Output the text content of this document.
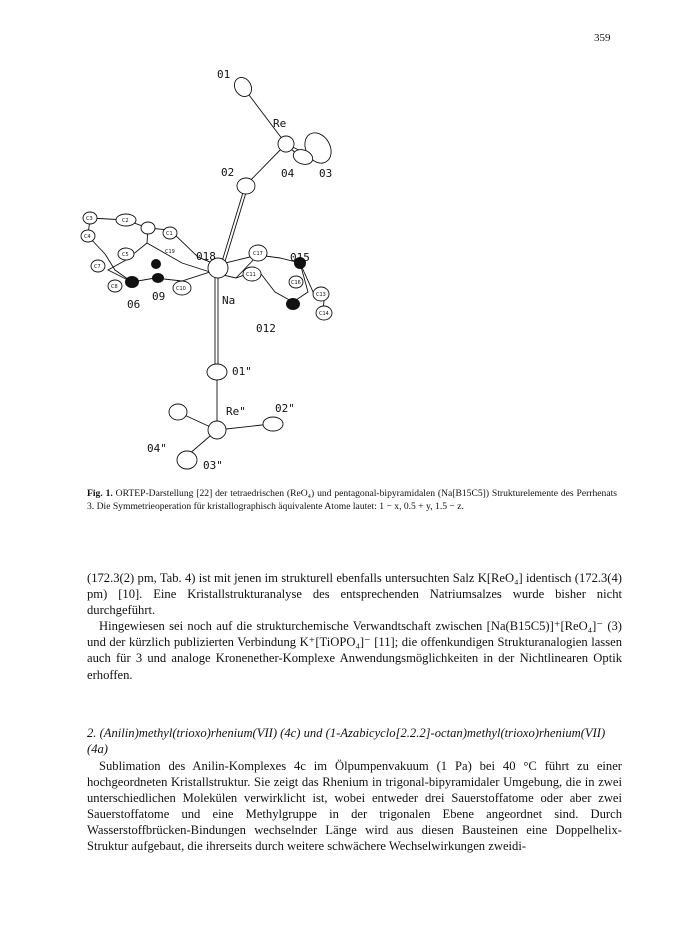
359
01
Re
02	04 03
018	015
06
09	Na
012
01"
Re"	02"
04"
03"
C3	C2
C1
C4
C5
C7
C8	C10
C19	C17
C11
C16
C13
C14
Fig. 1. ORTEP-Darstellung [22] der tetraedrischen (ReO₄) und pentagonal-bipyramidalen (Na[B15C5]) Strukturelemente des Perrhenats 3. Die Symmetrieoperation für kristallographisch äquivalente Atome lautet: 1 − x, 0.5 + y, 1.5 − z.

(172.3(2) pm, Tab. 4) ist mit jenen im strukturell ebenfalls untersuchten Salz K[ReO₄] identisch (172.3(4) pm) [10]. Eine Kristallstrukturanalyse des entsprechenden Natriumsalzes wurde bisher nicht durchgeführt.

Hingewiesen sei noch auf die strukturchemische Verwandtschaft zwischen [Na(B15C5)]⁺[ReO₄]⁻ (3) und der kürzlich publizierten Verbindung K⁺[TiOPO₄]⁻ [11]; die offenkundigen Strukturanalogien lassen auch für 3 und analoge Kronenether-Komplexe Anwendungsmöglichkeiten in der Nichtlinearen Optik erhoffen.

2. (Anilin)methyl(trioxo)rhenium(VII) (4c) und (1-Azabicyclo[2.2.2]-octan)methyl(trioxo)rhenium(VII) (4a)

Sublimation des Anilin-Komplexes 4c im Ölpumpenvakuum (1 Pa) bei 40 °C führt zu einer hochgeordneten Kristallstruktur. Sie zeigt das Rhenium in trigonal-bipyramidaler Umgebung, die in zwei unterschiedlichen Molekülen verwirklicht ist, wobei entweder drei Sauerstoffatome oder aber zwei Sauerstoffatome und eine Methylgruppe in der trigonalen Ebene angeordnet sind. Durch Wasserstoffbrücken-Bindungen wechselnder Länge wird aus diesen Bausteinen eine Doppelhelix-Struktur aufgebaut, die ihrerseits durch weitere schwächere Wechselwirkungen zweidi-
